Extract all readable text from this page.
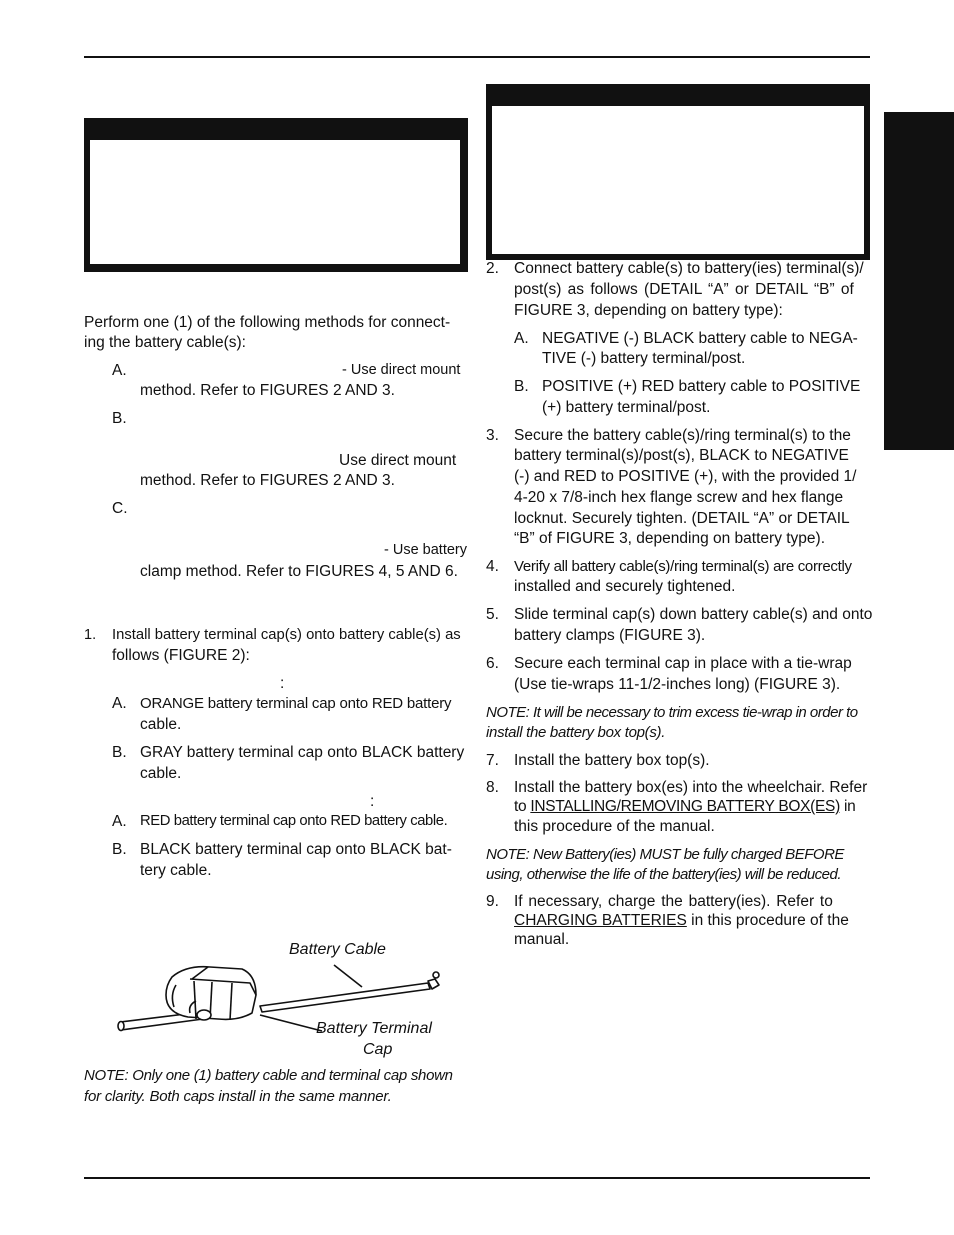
Perform one (1) of the following methods for connect-

ing the battery cable(s):

A.	- Use direct mount

method. Refer to FIGURES 2 AND 3.

B.

Use direct mount

method. Refer to FIGURES 2 AND 3.

C.

- Use battery

clamp method. Refer to FIGURES 4, 5 AND 6.

1. Install battery terminal cap(s) onto battery cable(s) as

follows (FIGURE 2):

:
A. ORANGE battery terminal cap onto RED battery

cable.

B. GRAY battery terminal cap onto BLACK battery

cable.

:
A. RED battery terminal cap onto RED battery cable.

B. BLACK battery terminal cap onto BLACK bat-

tery cable.

Battery Cable
Battery Terminal
Cap

NOTE: Only one (1) battery cable and terminal cap shown

for clarity. Both caps install in the same manner.

2. Connect battery cable(s) to battery(ies) terminal(s)/

post(s) as follows (DETAIL “A” or DETAIL “B” of

FIGURE 3, depending on battery type):

A. NEGATIVE (-) BLACK battery cable to NEGA-

TIVE (-) battery terminal/post.

B. POSITIVE (+) RED battery cable to POSITIVE

(+) battery terminal/post.

3. Secure the battery cable(s)/ring terminal(s) to the

battery terminal(s)/post(s), BLACK to NEGATIVE

(-) and RED to POSITIVE (+), with the provided 1/

4-20 x 7/8-inch hex flange screw and hex flange

locknut. Securely tighten. (DETAIL “A” or DETAIL

“B” of FIGURE 3, depending on battery type).

4. Verify all battery cable(s)/ring terminal(s) are correctly

installed and securely tightened.

5. Slide terminal cap(s) down battery cable(s) and onto

battery clamps (FIGURE 3).

6. Secure each terminal cap in place with a tie-wrap

(Use tie-wraps 11-1/2-inches long) (FIGURE 3).

NOTE: It will be necessary to trim excess tie-wrap in order to

install the battery box top(s).

7. Install the battery box top(s).

8. Install the battery box(es) into the wheelchair. Refer

to INSTALLING/REMOVING BATTERY BOX(ES) in

this procedure of the manual.

NOTE: New Battery(ies) MUST be fully charged BEFORE

using, otherwise the life of the battery(ies) will be reduced.

9. If necessary, charge the battery(ies). Refer to

CHARGING BATTERIES in this procedure of the

manual.
